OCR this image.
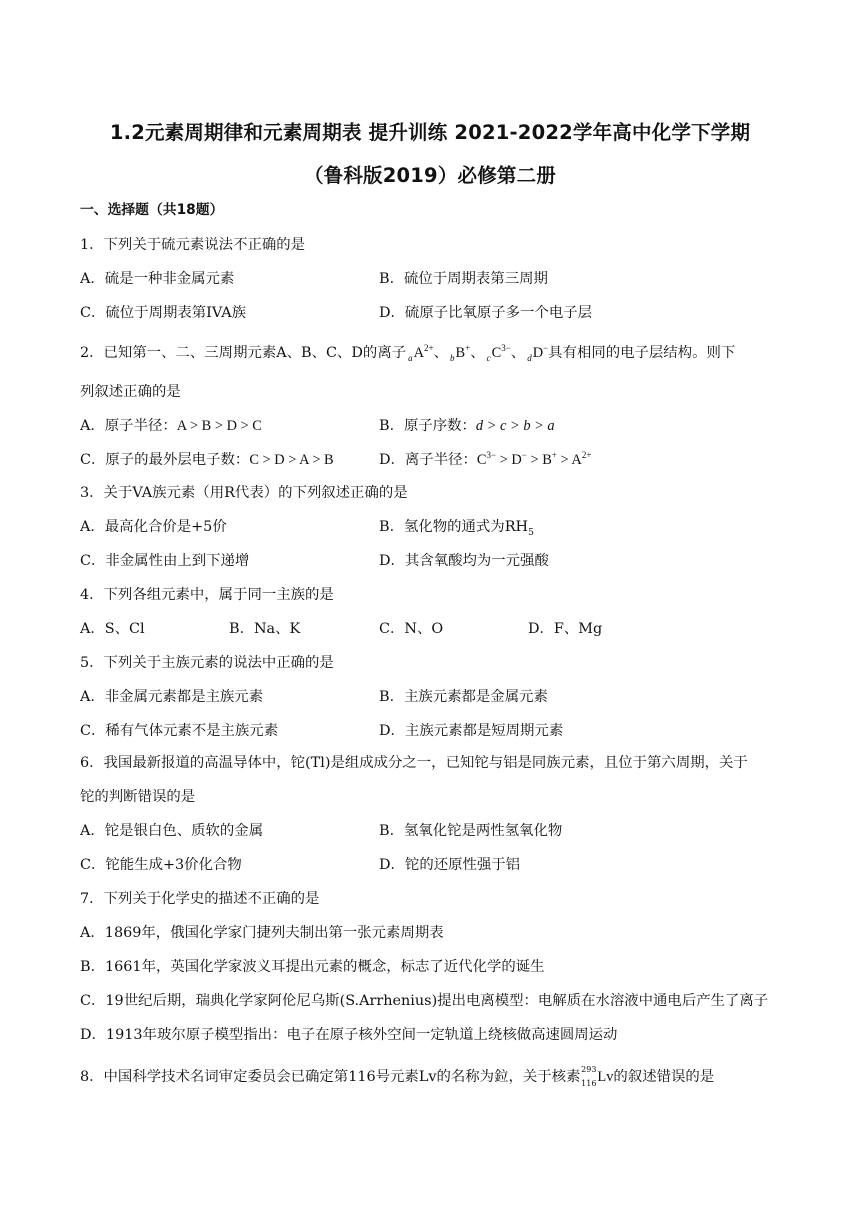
1.2元素周期律和元素周期表 提升训练 2021-2022学年高中化学下学期
（鲁科版2019）必修第二册
一、选择题（共18题）
1．下列关于硫元素说法不正确的是
A．硫是一种非金属元素	B．硫位于周期表第三周期
C．硫位于周期表第IVA族	D．硫原子比氧原子多一个电子层
2．已知第一、二、三周期元素A、B、C、D的离子 $_aA^{2+}$、 $_b$B+、 $_cC^{3-}$、 $_d$D−具有相同的电子层结构。则下
列叙述正确的是
A．原子半径：A > B > D > C	B．原子序数：d > c > b > a
C．原子的最外层电子数：C > D > A > B	D．离子半径：$C^{3-} > D^- > B^+ > A^{2+}$
3．关于VA族元素（用R代表）的下列叙述正确的是
A．最高化合价是+5价	B．氢化物的通式为$RH_5$
C．非金属性由上到下递增	D．其含氧酸均为一元强酸
4．下列各组元素中，属于同一主族的是
A．S、Cl	B．Na、K	C．N、O	D．F、Mg
5．下列关于主族元素的说法中正确的是
A．非金属元素都是主族元素	B．主族元素都是金属元素
C．稀有气体元素不是主族元素	D．主族元素都是短周期元素
6．我国最新报道的高温导体中，铊(Tl)是组成成分之一，已知铊与铝是同族元素，且位于第六周期，关于
铊的判断错误的是
A．铊是银白色、质软的金属	B．氢氧化铊是两性氢氧化物
C．铊能生成+3价化合物	D．铊的还原性强于铝
7．下列关于化学史的描述不正确的是
A．1869年，俄国化学家门捷列夫制出第一张元素周期表
B．1661年，英国化学家波义耳提出元素的概念，标志了近代化学的诞生
C．19世纪后期，瑞典化学家阿伦尼乌斯(S.Arrhenius)提出电离模型：电解质在水溶液中通电后产生了离子
D．1913年玻尔原子模型指出：电子在原子核外空间一定轨道上绕核做高速圆周运动
8．中国科学技术名词审定委员会已确定第116号元素Lv的名称为鉝，关于核素 293
116 Lv的叙述错误的是
